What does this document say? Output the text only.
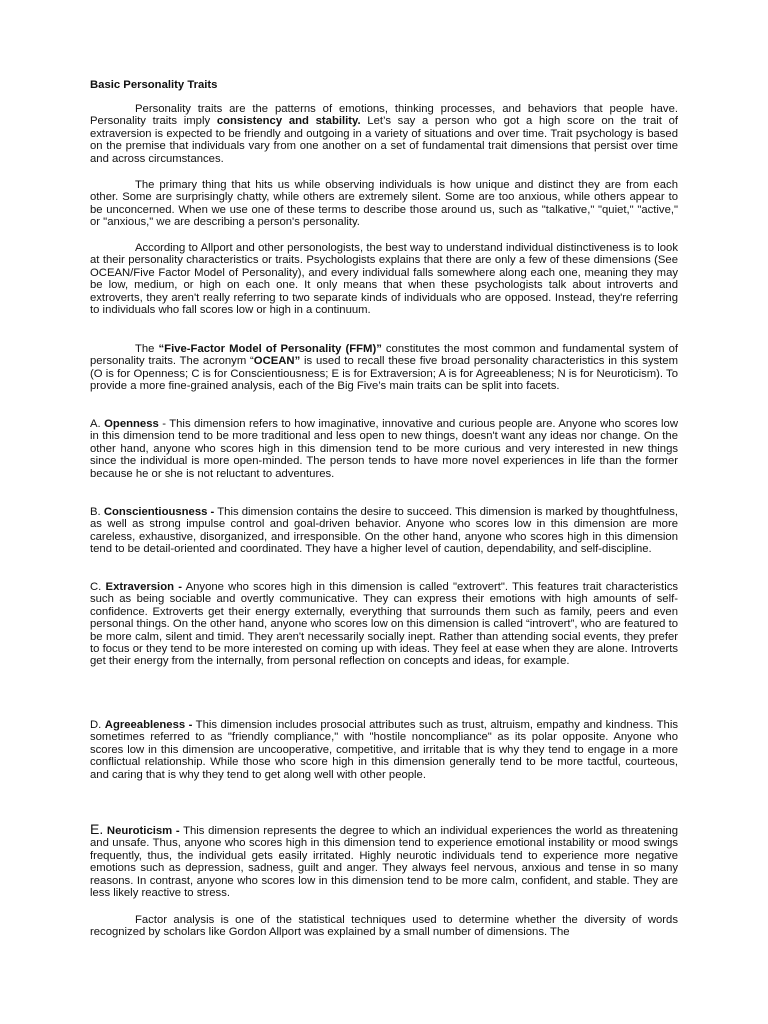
Basic Personality Traits

Personality traits are the patterns of emotions, thinking processes, and behaviors that people have. Personality traits imply consistency and stability. Let’s say a person who got a high score on the trait of extraversion is expected to be friendly and outgoing in a variety of situations and over time. Trait psychology is based on the premise that individuals vary from one another on a set of fundamental trait dimensions that persist over time and across circumstances.

The primary thing that hits us while observing individuals is how unique and distinct they are from each other. Some are surprisingly chatty, while others are extremely silent. Some are too anxious, while others appear to be unconcerned. When we use one of these terms to describe those around us, such as "talkative," "quiet," "active," or "anxious," we are describing a person's personality.

According to Allport and other personologists, the best way to understand individual distinctiveness is to look at their personality characteristics or traits. Psychologists explains that there are only a few of these dimensions (See OCEAN/Five Factor Model of Personality), and every individual falls somewhere along each one, meaning they may be low, medium, or high on each one. It only means that when these psychologists talk about introverts and extroverts, they aren't really referring to two separate kinds of individuals who are opposed. Instead, they're referring to individuals who fall scores low or high in a continuum.

The “Five-Factor Model of Personality (FFM)” constitutes the most common and fundamental system of personality traits. The acronym “OCEAN” is used to recall these five broad personality characteristics in this system (O is for Openness; C is for Conscientiousness; E is for Extraversion; A is for Agreeableness; N is for Neuroticism). To provide a more fine-grained analysis, each of the Big Five’s main traits can be split into facets.

A. Openness - This dimension refers to how imaginative, innovative and curious people are. Anyone who scores low in this dimension tend to be more traditional and less open to new things, doesn't want any ideas nor change. On the other hand, anyone who scores high in this dimension tend to be more curious and very interested in new things since the individual is more open-minded. The person tends to have more novel experiences in life than the former because he or she is not reluctant to adventures.

B. Conscientiousness - This dimension contains the desire to succeed. This dimension is marked by thoughtfulness, as well as strong impulse control and goal-driven behavior. Anyone who scores low in this dimension are more careless, exhaustive, disorganized, and irresponsible. On the other hand, anyone who scores high in this dimension tend to be detail-oriented and coordinated. They have a higher level of caution, dependability, and self-discipline.

C. Extraversion - Anyone who scores high in this dimension is called "extrovert". This features trait characteristics such as being sociable and overtly communicative. They can express their emotions with high amounts of self-confidence. Extroverts get their energy externally, everything that surrounds them such as family, peers and even personal things. On the other hand, anyone who scores low on this dimension is called “introvert”, who are featured to be more calm, silent and timid. They aren't necessarily socially inept. Rather than attending social events, they prefer to focus or they tend to be more interested on coming up with ideas. They feel at ease when they are alone. Introverts get their energy from the internally, from personal reflection on concepts and ideas, for example.

D. Agreeableness - This dimension includes prosocial attributes such as trust, altruism, empathy and kindness. This sometimes referred to as "friendly compliance," with "hostile noncompliance" as its polar opposite. Anyone who scores low in this dimension are uncooperative, competitive, and irritable that is why they tend to engage in a more conflictual relationship. While those who score high in this dimension generally tend to be more tactful, courteous, and caring that is why they tend to get along well with other people.

E. Neuroticism - This dimension represents the degree to which an individual experiences the world as threatening and unsafe. Thus, anyone who scores high in this dimension tend to experience emotional instability or mood swings frequently, thus, the individual gets easily irritated. Highly neurotic individuals tend to experience more negative emotions such as depression, sadness, guilt and anger. They always feel nervous, anxious and tense in so many reasons. In contrast, anyone who scores low in this dimension tend to be more calm, confident, and stable. They are less likely reactive to stress.

Factor analysis is one of the statistical techniques used to determine whether the diversity of words recognized by scholars like Gordon Allport was explained by a small number of dimensions. The
